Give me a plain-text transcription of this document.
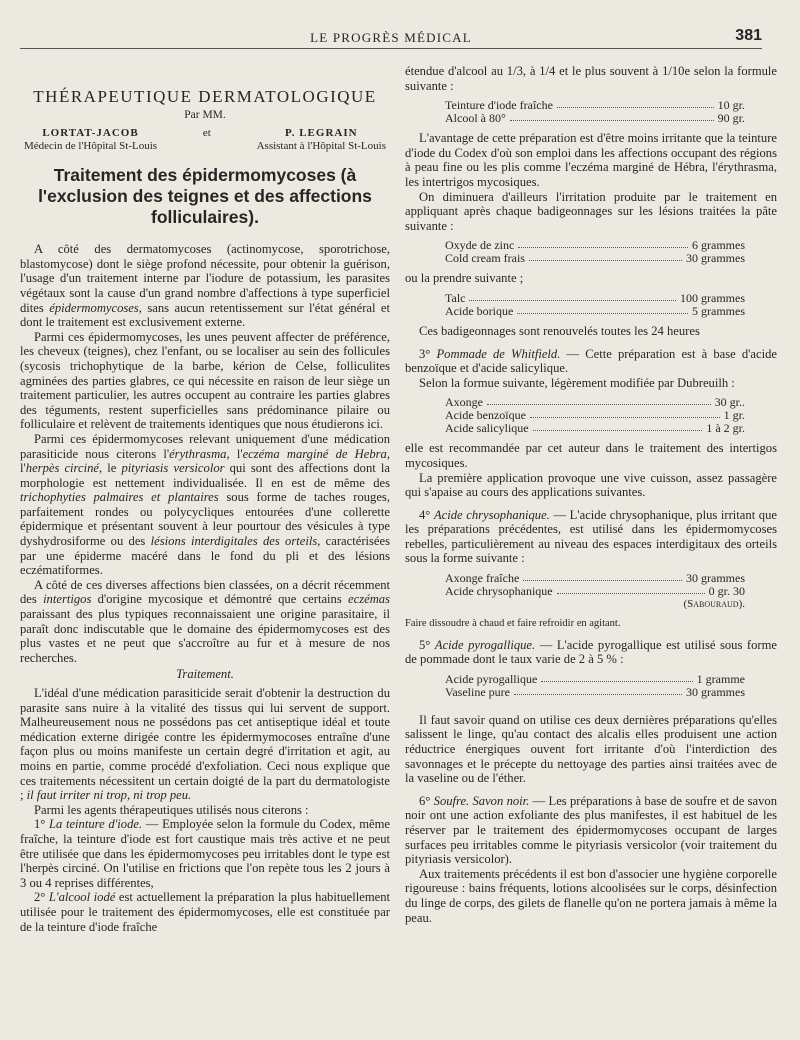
LE PROGRÈS MÉDICAL	381
THÉRAPEUTIQUE DERMATOLOGIQUE
Par MM.
LORTAT-JACOB
Médecin de l'Hôpital St-Louis
et	P. LEGRAIN
Assistant à l'Hôpital St-Louis
Traitement des épidermomycoses (à l'exclusion des teignes et des affections folliculaires).

A côté des dermatomycoses (actinomycose, sporotrichose, blastomycose) dont le siège profond nécessite, pour obtenir la guérison, l'usage d'un traitement interne par l'iodure de potassium, les parasites végétaux sont la cause d'un grand nombre d'affections à type superficiel dites épidermomycoses, sans aucun retentissement sur l'état général et dont le traitement est exclusivement externe.

Parmi ces épidermomycoses, les unes peuvent affecter de préférence, les cheveux (teignes), chez l'enfant, ou se localiser au sein des follicules (sycosis trichophytique de la barbe, kérion de Celse, folliculites agminées des parties glabres, ce qui nécessite en raison de leur siège un traitement particulier, les autres occupent au contraire les parties glabres des téguments, restent superficielles sans prédominance pilaire ou folliculaire et relèvent de traitements identiques que nous étudierons ici.

Parmi ces épidermomycoses relevant uniquement d'une médication parasiticide nous citerons l'érythrasma, l'eczéma marginé de Hebra, l'herpès circiné, le pityriasis versicolor qui sont des affections dont la morphologie est nettement individualisée. Il en est de même des trichophyties palmaires et plantaires sous forme de taches rouges, parfaitement rondes ou polycycliques entourées d'une collerette épidermique et présentant souvent à leur pourtour des vésicules à type dyshydrosiforme ou des lésions interdigitales des orteils, caractérisées par une épiderme macéré dans le fond du pli et des lésions eczématiformes.

A côté de ces diverses affections bien classées, on a décrit récemment des intertigos d'origine mycosique et démontré que certains eczémas paraissant des plus typiques reconnaissaient une origine parasitaire, il paraît donc indiscutable que le domaine des épidermomycoses est des plus vastes et ne peut que s'accroître au fur et à mesure de nos recherches.

Traitement.

L'idéal d'une médication parasiticide serait d'obtenir la destruction du parasite sans nuire à la vitalité des tissus qui lui servent de support. Malheureusement nous ne possédons pas cet antiseptique idéal et toute médication externe dirigée contre les épidermymocoses entraîne d'une façon plus ou moins manifeste un certain degré d'irritation et agit, au moins en partie, comme procédé d'exfoliation. Ceci nous explique que ces traitements nécessitent un certain doigté de la part du dermatologiste ; il faut irriter ni trop, ni trop peu.

Parmi les agents thérapeutiques utilisés nous citerons :

1° La teinture d'iode. — Employée selon la formule du Codex, même fraîche, la teinture d'iode est fort caustique mais très active et ne peut être utilisée que dans les épidermomycoses peu irritables dont le type est l'herpès circiné. On l'utilise en frictions que l'on repète tous les 2 jours à 3 ou 4 reprises différentes,

2° L'alcool iodé est actuellement la préparation la plus habituellement utilisée pour le traitement des épidermomycoses, elle est constituée par de la teinture d'iode fraîche

étendue d'alcool au 1/3, à 1/4 et le plus souvent à 1/10e selon la formule suivante :

Teinture d'iode fraîche	10 gr.
Alcool à 80°	90 gr.

L'avantage de cette préparation est d'être moins irritante que la teinture d'iode du Codex d'où son emploi dans les affections occupant des régions à peau fine ou les plis comme l'eczéma marginé de Hébra, l'érythrasma, les intertrigos mycosiques.

On diminuera d'ailleurs l'irritation produite par le traitement en appliquant après chaque badigeonnages sur les lésions traitées la pâte suivante :

Oxyde de zinc	6 grammes
Cold cream frais	30 grammes

ou la prendre suivante ;

Talc	100 grammes
Acide borique	5 grammes

Ces badigeonnages sont renouvelés toutes les 24 heures

3° Pommade de Whitfield. — Cette préparation est à base d'acide benzoïque et d'acide salicylique.

Selon la formue suivante, légèrement modifiée par Dubreuilh :

Axonge	30 gr..
Acide benzoïque	1 gr.
Acide salicylique	1 à 2 gr.

elle est recommandée par cet auteur dans le traitement des intertigos mycosiques.

La première application provoque une vive cuisson, assez passagère qui s'apaise au cours des applications suivantes.

4° Acide chrysophanique. — L'acide chrysophanique, plus irritant que les préparations précédentes, est utilisé dans les épidermomycoses rebelles, particulièrement au niveau des espaces interdigitaux des orteils sous la forme suivante :

Axonge fraîche	30 grammes
Acide chrysophanique	0 gr. 30
(Sabouraud).
Faire dissoudre à chaud et faire refroidir en agitant.

5° Acide pyrogallique. — L'acide pyrogallique est utilisé sous forme de pommade dont le taux varie de 2 à 5 % :

Acide pyrogallique	1 gramme
Vaseline pure	30 grammes

Il faut savoir quand on utilise ces deux dernières préparations qu'elles salissent le linge, qu'au contact des alcalis elles produisent une action réductrice énergiques ouvent fort irritante d'où l'interdiction des savonnages et le précepte du nettoyage des parties ainsi traitées avec de la vaseline ou de l'éther.

6° Soufre. Savon noir. — Les préparations à base de soufre et de savon noir ont une action exfoliante des plus manifestes, il est habituel de les réserver par le traitement des épidermomycoses occupant de larges surfaces peu irritables comme le pityriasis versicolor (voir traitement du pityriasis versicolor).

Aux traitements précédents il est bon d'associer une hygiène corporelle rigoureuse : bains fréquents, lotions alcoolisées sur le corps, désinfection du linge de corps, des gilets de flanelle qu'on ne portera jamais à même la peau.
